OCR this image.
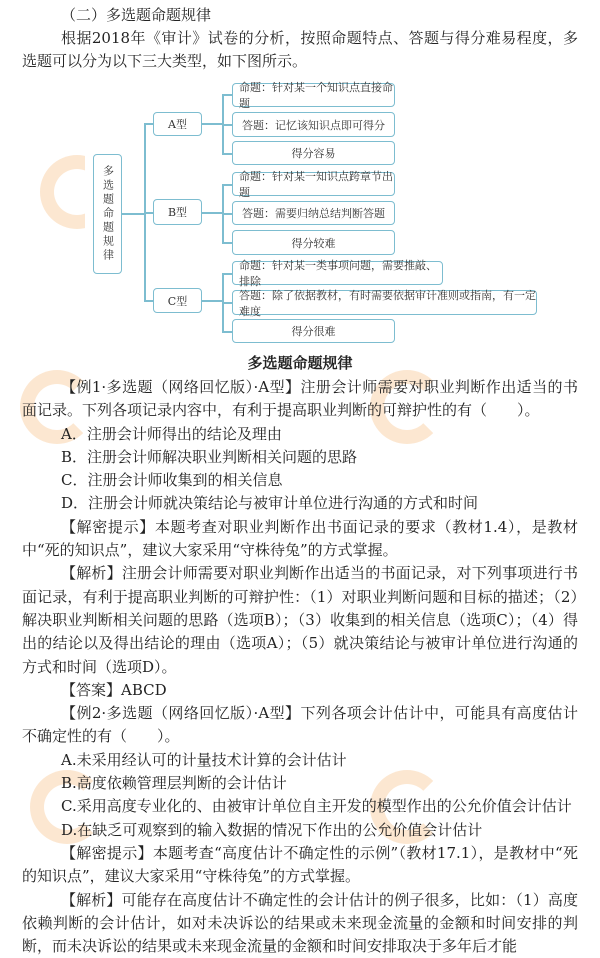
（二）多选题命题规律
根据2018年《审计》试卷的分析，按照命题特点、答题与得分难易程度，多选题可以分为以下三大类型，如下图所示。
多选题命题规律
A型
B型
C型
命题：针对某一个知识点直接命题
答题：记忆该知识点即可得分
得分容易
命题：针对某一知识点跨章节出题
答题：需要归纳总结判断答题
得分较难
命题：针对某一类事项问题，需要推敲、排除
答题：除了依据教材，有时需要依据审计准则或指南，有一定难度
得分很难
多选题命题规律
【例1·多选题（网络回忆版）·A型】注册会计师需要对职业判断作出适当的书面记录。下列各项记录内容中，有利于提高职业判断的可辩护性的有（　　）。
A．注册会计师得出的结论及理由
B．注册会计师解决职业判断相关问题的思路
C．注册会计师收集到的相关信息
D．注册会计师就决策结论与被审计单位进行沟通的方式和时间
【解密提示】本题考查对职业判断作出书面记录的要求（教材1.4），是教材中“死的知识点”，建议大家采用“守株待兔”的方式掌握。
【解析】注册会计师需要对职业判断作出适当的书面记录，对下列事项进行书面记录，有利于提高职业判断的可辩护性：（1）对职业判断问题和目标的描述；（2）解决职业判断相关问题的思路（选项B）；（3）收集到的相关信息（选项C）；（4）得出的结论以及得出结论的理由（选项A）；（5）就决策结论与被审计单位进行沟通的方式和时间（选项D）。
【答案】ABCD
【例2·多选题（网络回忆版）·A型】下列各项会计估计中，可能具有高度估计不确定性的有（　　）。
A.未采用经认可的计量技术计算的会计估计
B.高度依赖管理层判断的会计估计
C.采用高度专业化的、由被审计单位自主开发的模型作出的公允价值会计估计
D.在缺乏可观察到的输入数据的情况下作出的公允价值会计估计
【解密提示】本题考查“高度估计不确定性的示例”（教材17.1），是教材中“死的知识点”，建议大家采用“守株待兔”的方式掌握。
【解析】可能存在高度估计不确定性的会计估计的例子很多，比如：（1）高度依赖判断的会计估计，如对未决诉讼的结果或未来现金流量的金额和时间安排的判断，而未决诉讼的结果或未来现金流量的金额和时间安排取决于多年后才能
